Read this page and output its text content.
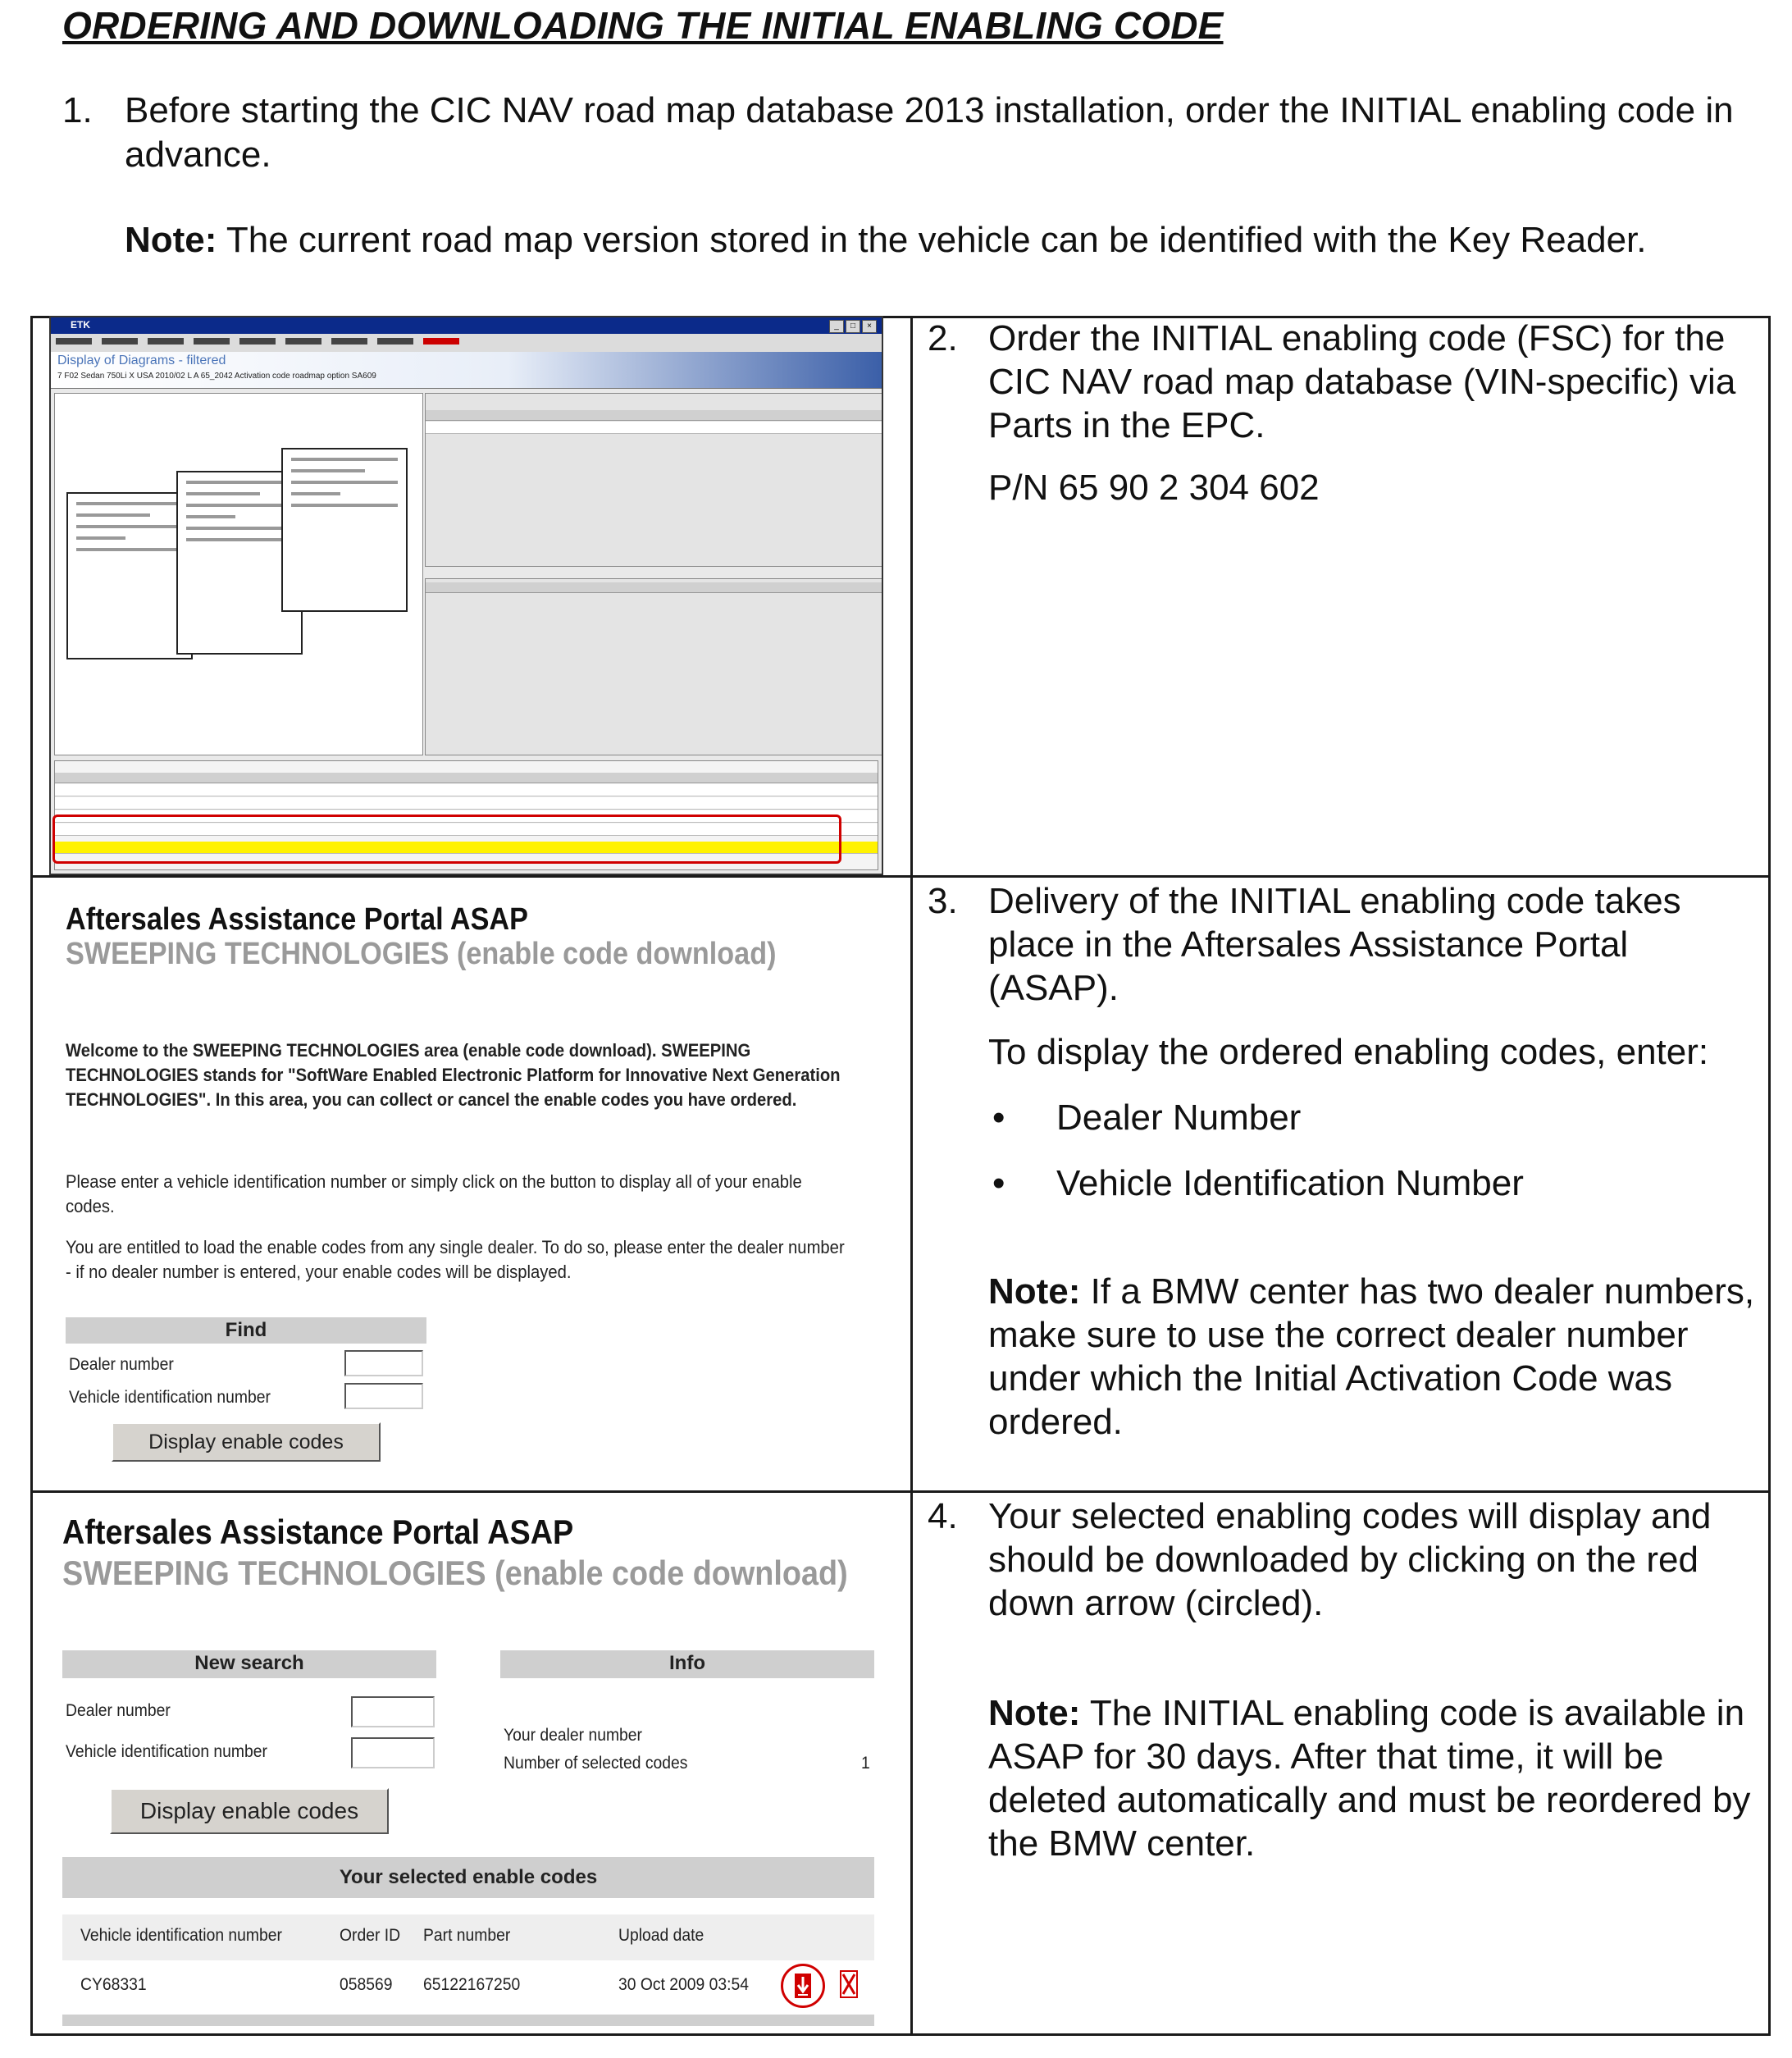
ORDERING AND DOWNLOADING THE INITIAL ENABLING CODE
1. Before starting the CIC NAV road map database 2013 installation, order the INITIAL enabling code in advance.
Note: The current road map version stored in the vehicle can be identified with the Key Reader.
ETK	_	□	×
Display of Diagrams - filtered
7 F02 Sedan 750Li X USA 2010/02 L A 65_2042 Activation code roadmap option SA609
2. Order the INITIAL enabling code (FSC) for the CIC NAV road map database (VIN-specific) via Parts in the EPC.
P/N 65 90 2 304 602
Aftersales Assistance Portal ASAP
SWEEPING TECHNOLOGIES (enable code download)
Welcome to the SWEEPING TECHNOLOGIES area (enable code download). SWEEPING TECHNOLOGIES stands for "SoftWare Enabled Electronic Platform for Innovative Next Generation TECHNOLOGIES". In this area, you can collect or cancel the enable codes you have ordered.
Please enter a vehicle identification number or simply click on the button to display all of your enable codes.
You are entitled to load the enable codes from any single dealer. To do so, please enter the dealer number - if no dealer number is entered, your enable codes will be displayed.
Find
Dealer number
Vehicle identification number
Display enable codes
3. Delivery of the INITIAL enabling code takes place in the Aftersales Assistance Portal (ASAP).
To display the ordered enabling codes, enter:
• Dealer Number
• Vehicle Identification Number
Note: If a BMW center has two dealer numbers, make sure to use the correct dealer number under which the Initial Activation Code was ordered.
Aftersales Assistance Portal ASAP
SWEEPING TECHNOLOGIES (enable code download)
New search	Info
Dealer number
Vehicle identification number
Display enable codes
Your dealer number
Number of selected codes	1
Your selected enable codes
Vehicle identification number	Order ID Part number	Upload date
CY68331	058569 65122167250	30 Oct 2009 03:54
4. Your selected enabling codes will display and should be downloaded by clicking on the red down arrow (circled).
Note: The INITIAL enabling code is available in ASAP for 30 days. After that time, it will be deleted automatically and must be reordered by the BMW center.
